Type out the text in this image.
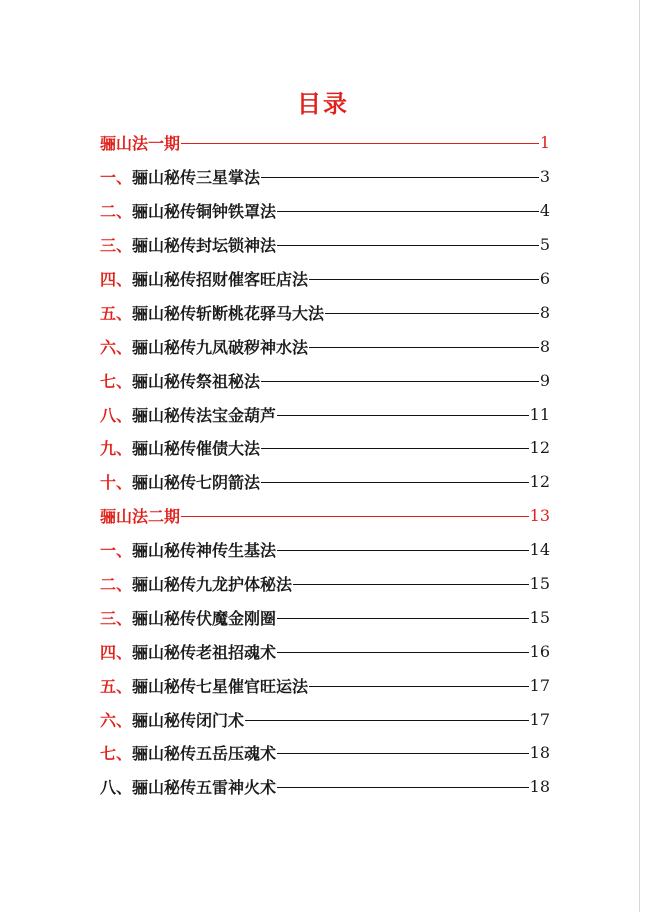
目录
骊山法一期	1
一、 骊山秘传三星掌法	3
二、 骊山秘传铜钟铁罩法	4
三、 骊山秘传封坛锁神法	5
四、 骊山秘传招财催客旺店法	6
五、 骊山秘传斩断桃花驿马大法	8
六、 骊山秘传九凤破秽神水法	8
七、 骊山秘传祭祖秘法	9
八、 骊山秘传法宝金葫芦	11
九、 骊山秘传催债大法	12
十、 骊山秘传七阴箭法	12
骊山法二期	13
一、 骊山秘传神传生基法	14
二、 骊山秘传九龙护体秘法	15
三、 骊山秘传伏魔金刚圈	15
四、 骊山秘传老祖招魂术	16
五、 骊山秘传七星催官旺运法	17
六、 骊山秘传闭门术	17
七、 骊山秘传五岳压魂术	18
八、 骊山秘传五雷神火术	18
